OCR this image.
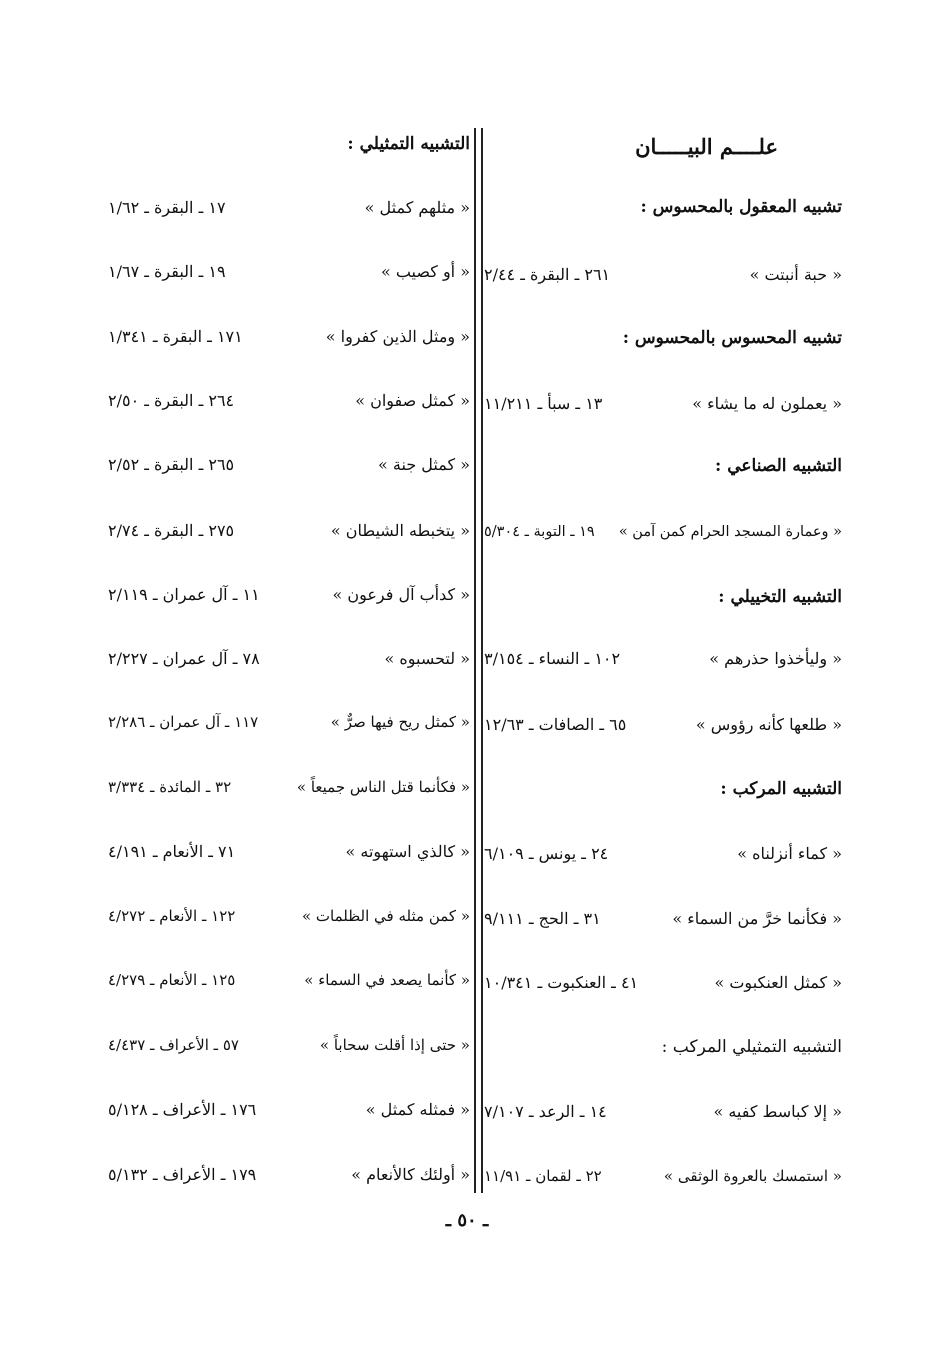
علــــم البيـــــان
تشبيه المعقول بالمحسوس :
« حبة أنبتت »
٢٦١ ـ البقرة ـ ٢/٤٤
تشبيه المحسوس بالمحسوس :
« يعملون له ما يشاء »
١٣ ـ سبأ ـ ١١/٢١١
التشبيه الصناعي :
« وعمارة المسجد الحرام كمن آمن »
١٩ ـ التوبة ـ ٥/٣٠٤
التشبيه التخييلي :
« وليأخذوا حذرهم »
١٠٢ ـ النساء ـ ٣/١٥٤
« طلعها كأنه رؤوس »
٦٥ ـ الصافات ـ ١٢/٦٣
التشبيه المركب :
« كماء أنزلناه »
٢٤ ـ يونس ـ ٦/١٠٩
« فكأنما خرَّ من السماء »
٣١ ـ الحج ـ ٩/١١١
« كمثل العنكبوت »
٤١ ـ العنكبوت ـ ١٠/٣٤١
التشبيه التمثيلي المركب :
« إلا كباسط كفيه »
١٤ ـ الرعد ـ ٧/١٠٧
« استمسك بالعروة الوثقى »
٢٢ ـ لقمان ـ ١١/٩١
التشبيه التمثيلي :
« مثلهم كمثل »
١٧ ـ البقرة ـ ١/٦٢
« أو كصيب »
١٩ ـ البقرة ـ ١/٦٧
« ومثل الذين كفروا »
١٧١ ـ البقرة ـ ١/٣٤١
« كمثل صفوان »
٢٦٤ ـ البقرة ـ ٢/٥٠
« كمثل جنة »
٢٦٥ ـ البقرة ـ ٢/٥٢
« يتخبطه الشيطان »
٢٧٥ ـ البقرة ـ ٢/٧٤
« كدأب آل فرعون »
١١ ـ آل عمران ـ ٢/١١٩
« لتحسبوه »
٧٨ ـ آل عمران ـ ٢/٢٢٧
« كمثل ريح فيها صرٌّ »
١١٧ ـ آل عمران ـ ٢/٢٨٦
« فكأنما قتل الناس جميعاً »
٣٢ ـ المائدة ـ ٣/٣٣٤
« كالذي استهوته »
٧١ ـ الأنعام ـ ٤/١٩١
« كمن مثله في الظلمات »
١٢٢ ـ الأنعام ـ ٤/٢٧٢
« كأنما يصعد في السماء »
١٢٥ ـ الأنعام ـ ٤/٢٧٩
« حتى إذا أقلت سحاباً »
٥٧ ـ الأعراف ـ ٤/٤٣٧
« فمثله كمثل »
١٧٦ ـ الأعراف ـ ٥/١٢٨
« أولئك كالأنعام »
١٧٩ ـ الأعراف ـ ٥/١٣٢
ـ ٥٠ ـ
